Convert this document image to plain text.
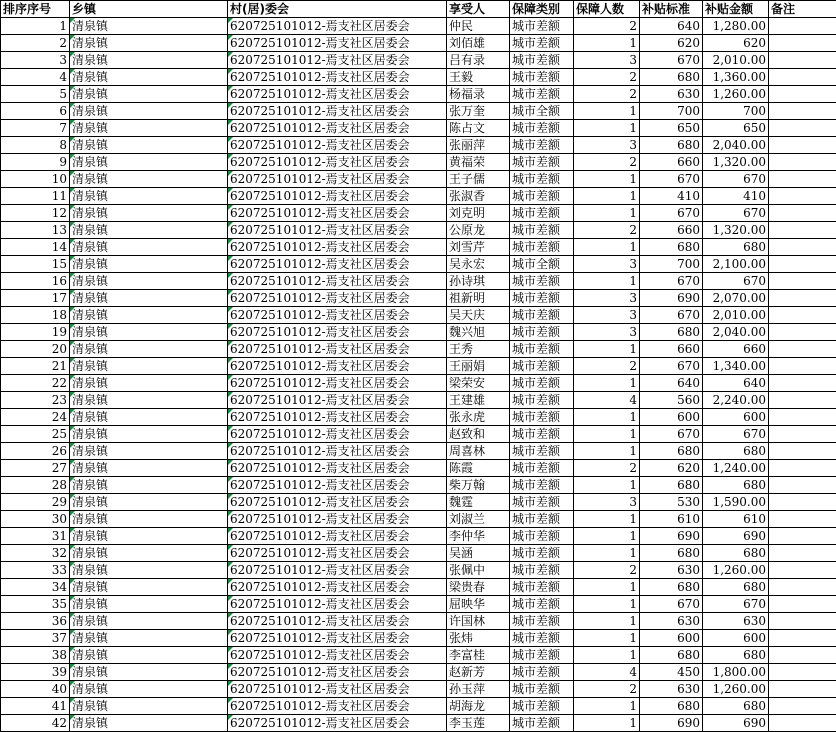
排序序号	乡镇	村(居)委会	享受人	保障类别	保障人数	补贴标准	补贴金额	备注
1	清泉镇	620725101012-焉支社区居委会	仲民	城市差额	2	640	1,280.00	
2	清泉镇	620725101012-焉支社区居委会	刘佰雄	城市差额	1	620	620	
3	清泉镇	620725101012-焉支社区居委会	吕有录	城市差额	3	670	2,010.00	
4	清泉镇	620725101012-焉支社区居委会	王毅	城市差额	2	680	1,360.00	
5	清泉镇	620725101012-焉支社区居委会	杨福录	城市差额	2	630	1,260.00	
6	清泉镇	620725101012-焉支社区居委会	张万奎	城市全额	1	700	700	
7	清泉镇	620725101012-焉支社区居委会	陈占文	城市差额	1	650	650	
8	清泉镇	620725101012-焉支社区居委会	张丽萍	城市差额	3	680	2,040.00	
9	清泉镇	620725101012-焉支社区居委会	黄福荣	城市差额	2	660	1,320.00	
10	清泉镇	620725101012-焉支社区居委会	王子儒	城市差额	1	670	670	
11	清泉镇	620725101012-焉支社区居委会	张淑香	城市差额	1	410	410	
12	清泉镇	620725101012-焉支社区居委会	刘克明	城市差额	1	670	670	
13	清泉镇	620725101012-焉支社区居委会	公原龙	城市差额	2	660	1,320.00	
14	清泉镇	620725101012-焉支社区居委会	刘雪芹	城市差额	1	680	680	
15	清泉镇	620725101012-焉支社区居委会	吴永宏	城市全额	3	700	2,100.00	
16	清泉镇	620725101012-焉支社区居委会	孙诗琪	城市差额	1	670	670	
17	清泉镇	620725101012-焉支社区居委会	祖新明	城市差额	3	690	2,070.00	
18	清泉镇	620725101012-焉支社区居委会	吴天庆	城市差额	3	670	2,010.00	
19	清泉镇	620725101012-焉支社区居委会	魏兴旭	城市差额	3	680	2,040.00	
20	清泉镇	620725101012-焉支社区居委会	王秀	城市差额	1	660	660	
21	清泉镇	620725101012-焉支社区居委会	王丽娟	城市差额	2	670	1,340.00	
22	清泉镇	620725101012-焉支社区居委会	梁荣安	城市差额	1	640	640	
23	清泉镇	620725101012-焉支社区居委会	王建雄	城市差额	4	560	2,240.00	
24	清泉镇	620725101012-焉支社区居委会	张永虎	城市差额	1	600	600	
25	清泉镇	620725101012-焉支社区居委会	赵致和	城市差额	1	670	670	
26	清泉镇	620725101012-焉支社区居委会	周喜林	城市差额	1	680	680	
27	清泉镇	620725101012-焉支社区居委会	陈霞	城市差额	2	620	1,240.00	
28	清泉镇	620725101012-焉支社区居委会	柴万翰	城市差额	1	680	680	
29	清泉镇	620725101012-焉支社区居委会	魏霆	城市差额	3	530	1,590.00	
30	清泉镇	620725101012-焉支社区居委会	刘淑兰	城市差额	1	610	610	
31	清泉镇	620725101012-焉支社区居委会	李仲华	城市差额	1	690	690	
32	清泉镇	620725101012-焉支社区居委会	吴涵	城市差额	1	680	680	
33	清泉镇	620725101012-焉支社区居委会	张佩中	城市差额	2	630	1,260.00	
34	清泉镇	620725101012-焉支社区居委会	梁贵春	城市差额	1	680	680	
35	清泉镇	620725101012-焉支社区居委会	屈映华	城市差额	1	670	670	
36	清泉镇	620725101012-焉支社区居委会	许国林	城市差额	1	630	630	
37	清泉镇	620725101012-焉支社区居委会	张炜	城市差额	1	600	600	
38	清泉镇	620725101012-焉支社区居委会	李富桂	城市差额	1	680	680	
39	清泉镇	620725101012-焉支社区居委会	赵新芳	城市差额	4	450	1,800.00	
40	清泉镇	620725101012-焉支社区居委会	孙玉萍	城市差额	2	630	1,260.00	
41	清泉镇	620725101012-焉支社区居委会	胡海龙	城市差额	1	680	680	
42	清泉镇	620725101012-焉支社区居委会	李玉莲	城市差额	1	690	690	
